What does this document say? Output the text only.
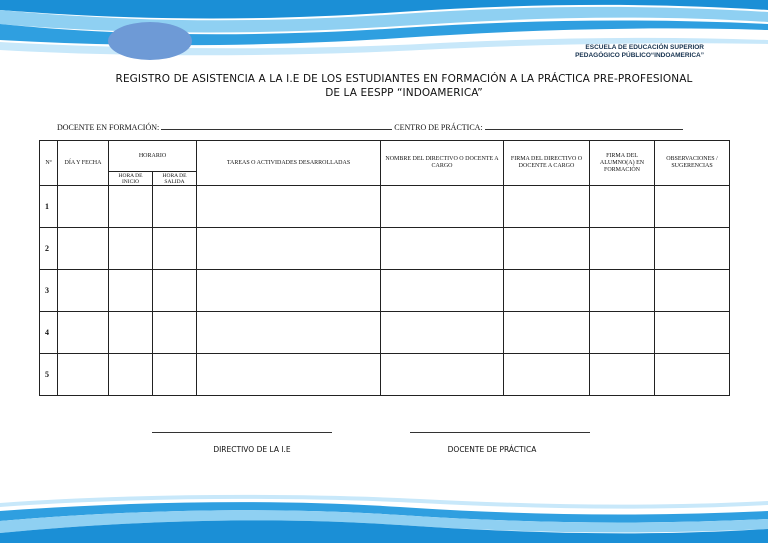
ESCUELA DE EDUCACIÓN SUPERIOR
PEDAGÓGICO PÚBLICO“INDOAMERICA”
REGISTRO DE ASISTENCIA A LA I.E DE LOS ESTUDIANTES EN FORMACIÓN A LA PRÁCTICA PRE-PROFESIONAL
DE LA EESPP “INDOAMERICA”
DOCENTE EN FORMACIÓN:	CENTRO DE PRÁCTICA:
Nº	DÍA Y FECHA	HORARIO		TAREAS O ACTIVIDADES DESARROLLADAS	NOMBRE DEL DIRECTIVO O DOCENTE A CARGO	FIRMA DEL DIRECTIVO O DOCENTE A CARGO	FIRMA DEL ALUMNO(A) EN FORMACIÓN	OBSERVACIONES / SUGERENCIAS
		HORA DE INICIO	HORA DE SALIDA					
1								
2								
3								
4								
5								
DIRECTIVO DE LA I.E	DOCENTE DE PRÁCTICA
